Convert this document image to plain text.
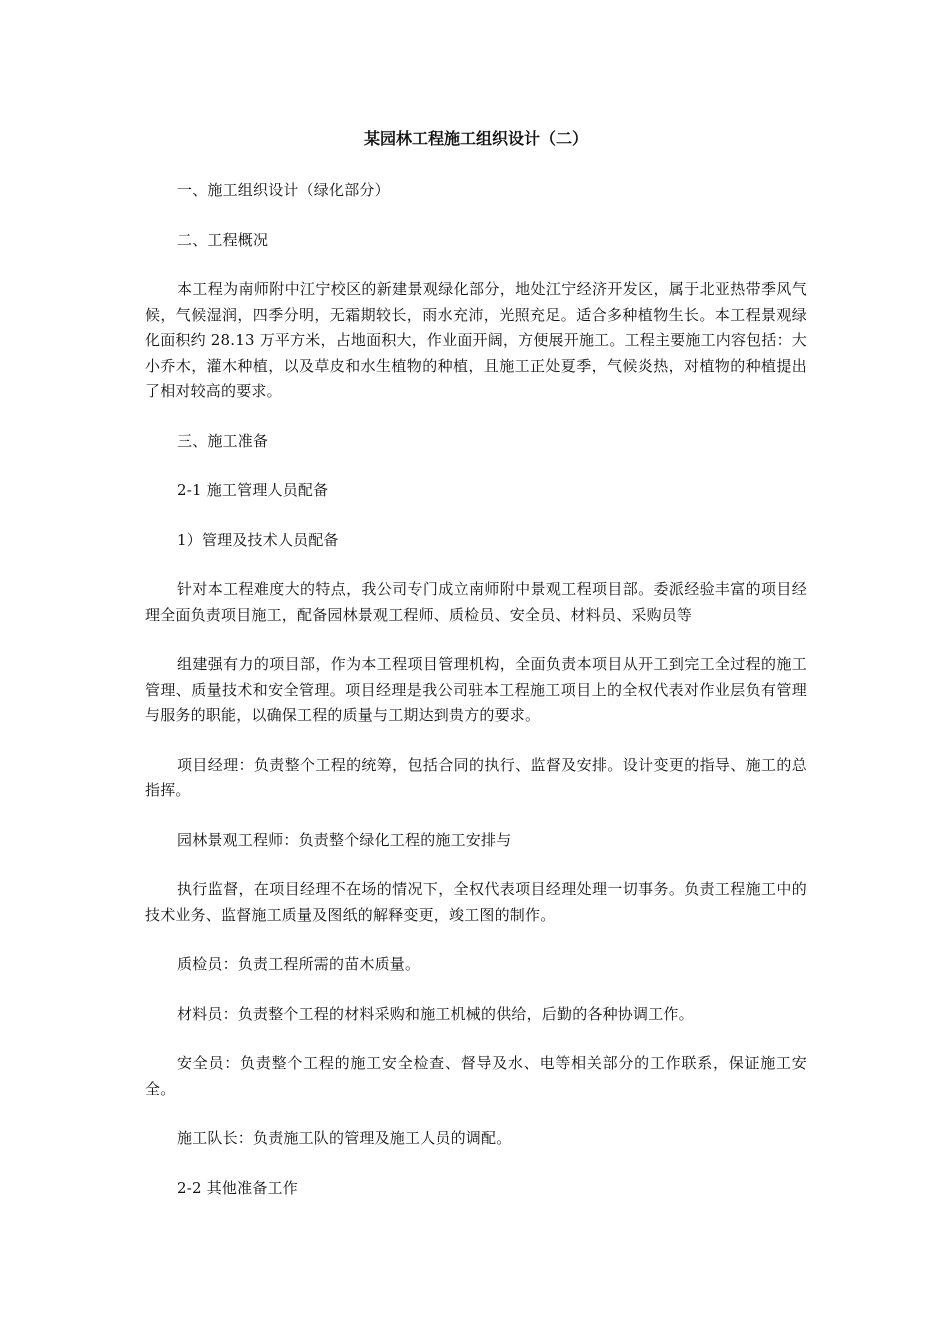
某园林工程施工组织设计（二）
一、施工组织设计（绿化部分）
二、工程概况
本工程为南师附中江宁校区的新建景观绿化部分，地处江宁经济开发区，属于北亚热带季风气候，气候湿润，四季分明，无霜期较长，雨水充沛，光照充足。适合多种植物生长。本工程景观绿化面积约 28.13 万平方米，占地面积大，作业面开阔，方便展开施工。工程主要施工内容包括：大小乔木，灌木种植，以及草皮和水生植物的种植，且施工正处夏季，气候炎热，对植物的种植提出了相对较高的要求。
三、施工准备
2-1 施工管理人员配备
1）管理及技术人员配备
针对本工程难度大的特点，我公司专门成立南师附中景观工程项目部。委派经验丰富的项目经理全面负责项目施工，配备园林景观工程师、质检员、安全员、材料员、采购员等
组建强有力的项目部，作为本工程项目管理机构，全面负责本项目从开工到完工全过程的施工管理、质量技术和安全管理。项目经理是我公司驻本工程施工项目上的全权代表对作业层负有管理与服务的职能，以确保工程的质量与工期达到贵方的要求。
项目经理：负责整个工程的统筹，包括合同的执行、监督及安排。设计变更的指导、施工的总指挥。
园林景观工程师：负责整个绿化工程的施工安排与
执行监督，在项目经理不在场的情况下，全权代表项目经理处理一切事务。负责工程施工中的技术业务、监督施工质量及图纸的解释变更，竣工图的制作。
质检员：负责工程所需的苗木质量。
材料员：负责整个工程的材料采购和施工机械的供给，后勤的各种协调工作。
安全员：负责整个工程的施工安全检查、督导及水、电等相关部分的工作联系，保证施工安全。
施工队长：负责施工队的管理及施工人员的调配。
2-2 其他准备工作
